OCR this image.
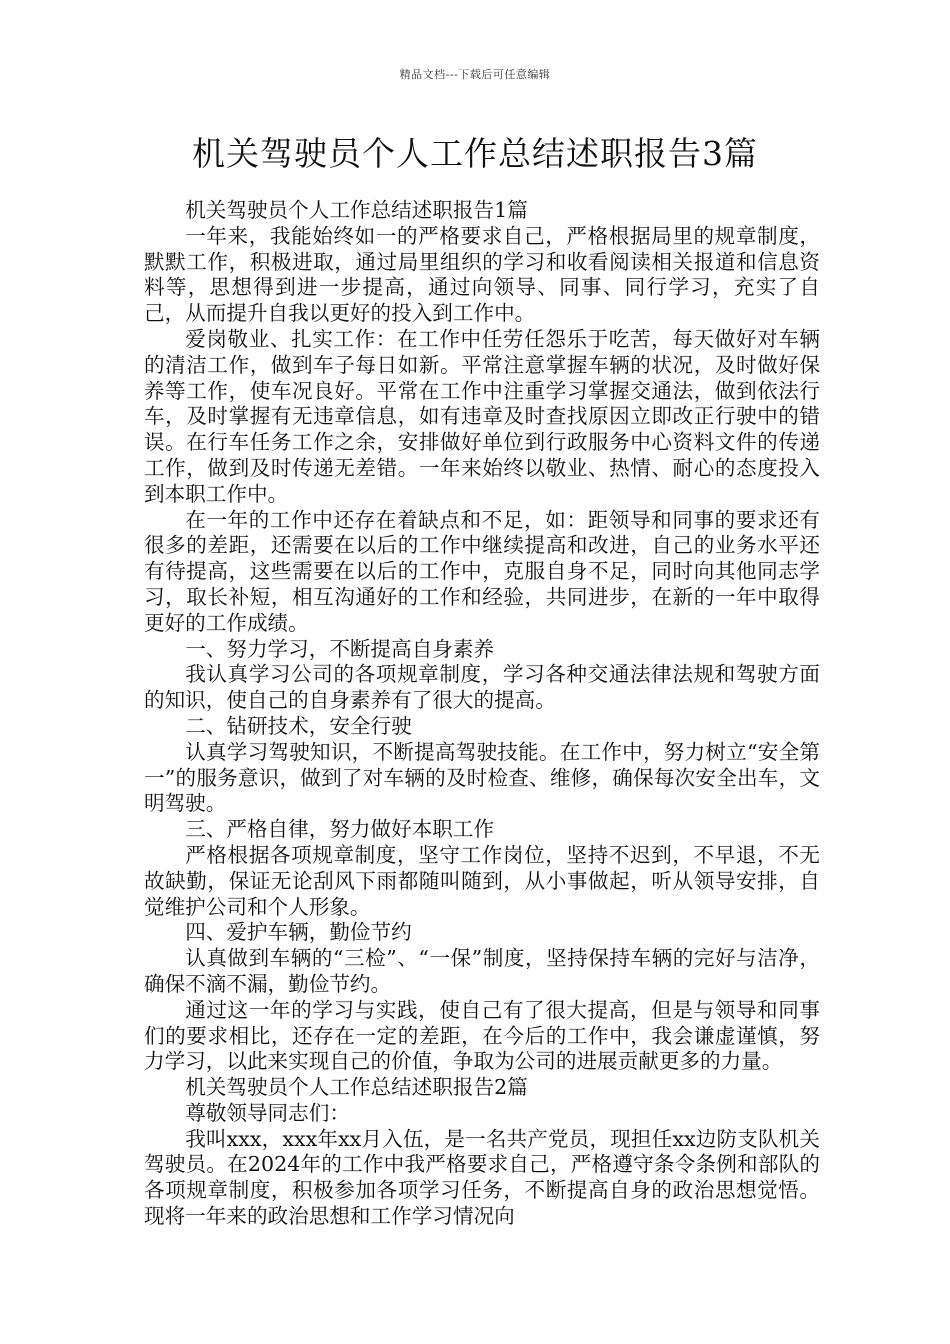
精品文档---下载后可任意编辑
机关驾驶员个人工作总结述职报告3篇

机关驾驶员个人工作总结述职报告1篇

一年来，我能始终如一的严格要求自己，严格根据局里的规章制度，默默工作，积极进取，通过局里组织的学习和收看阅读相关报道和信息资料等，思想得到进一步提高，通过向领导、同事、同行学习，充实了自己，从而提升自我以更好的投入到工作中。

爱岗敬业、扎实工作：在工作中任劳任怨乐于吃苦，每天做好对车辆的清洁工作，做到车子每日如新。平常注意掌握车辆的状况，及时做好保养等工作，使车况良好。平常在工作中注重学习掌握交通法，做到依法行车，及时掌握有无违章信息，如有违章及时查找原因立即改正行驶中的错误。在行车任务工作之余，安排做好单位到行政服务中心资料文件的传递工作，做到及时传递无差错。一年来始终以敬业、热情、耐心的态度投入到本职工作中。

在一年的工作中还存在着缺点和不足，如：距领导和同事的要求还有很多的差距，还需要在以后的工作中继续提高和改进，自己的业务水平还有待提高，这些需要在以后的工作中，克服自身不足，同时向其他同志学习，取长补短，相互沟通好的工作和经验，共同进步，在新的一年中取得更好的工作成绩。

一、努力学习，不断提高自身素养

我认真学习公司的各项规章制度，学习各种交通法律法规和驾驶方面的知识，使自己的自身素养有了很大的提高。

二、钻研技术，安全行驶

认真学习驾驶知识，不断提高驾驶技能。在工作中，努力树立“安全第一”的服务意识，做到了对车辆的及时检查、维修，确保每次安全出车，文明驾驶。

三、严格自律，努力做好本职工作

严格根据各项规章制度，坚守工作岗位，坚持不迟到，不早退，不无故缺勤，保证无论刮风下雨都随叫随到，从小事做起，听从领导安排，自觉维护公司和个人形象。

四、爱护车辆，勤俭节约

认真做到车辆的“三检”、“一保”制度，坚持保持车辆的完好与洁净，确保不滴不漏，勤俭节约。

通过这一年的学习与实践，使自己有了很大提高，但是与领导和同事们的要求相比，还存在一定的差距，在今后的工作中，我会谦虚谨慎，努力学习，以此来实现自己的价值，争取为公司的进展贡献更多的力量。

机关驾驶员个人工作总结述职报告2篇

尊敬领导同志们：

我叫xxx，xxx年xx月入伍，是一名共产党员，现担任xx边防支队机关驾驶员。在2024年的工作中我严格要求自己，严格遵守条令条例和部队的各项规章制度，积极参加各项学习任务，不断提高自身的政治思想觉悟。现将一年来的政治思想和工作学习情况向
